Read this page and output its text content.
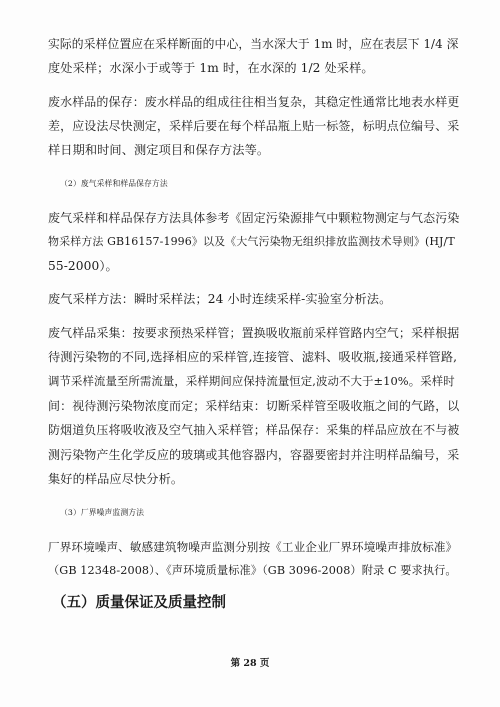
实际的采样位置应在采样断面的中心，当水深大于 1m 时，应在表层下 1/4 深
度处采样；水深小于或等于 1m 时，在水深的 1/2 处采样。
废水样品的保存：废水样品的组成往往相当复杂，其稳定性通常比地表水样更
差，应设法尽快测定，采样后要在每个样品瓶上贴一标签，标明点位编号、采
样日期和时间、测定项目和保存方法等。
（2）废气采样和样品保存方法
废气采样和样品保存方法具体参考《固定污染源排气中颗粒物测定与气态污染
物采样方法 GB16157-1996》以及《大气污染物无组织排放监测技术导则》(HJ/T
55-2000）。
废气采样方法：瞬时采样法；24 小时连续采样-实验室分析法。
废气样品采集：按要求预热采样管；置换吸收瓶前采样管路内空气；采样根据
待测污染物的不同,选择相应的采样管,连接管、滤料、吸收瓶,接通采样管路,
调节采样流量至所需流量，采样期间应保持流量恒定,波动不大于±10%。采样时
间：视待测污染物浓度而定；采样结束：切断采样管至吸收瓶之间的气路，以
防烟道负压将吸收液及空气抽入采样管；样品保存：采集的样品应放在不与被
测污染物产生化学反应的玻璃或其他容器内，容器要密封并注明样品编号，采
集好的样品应尽快分析。
（3）厂界噪声监测方法
厂界环境噪声、敏感建筑物噪声监测分别按《工业企业厂界环境噪声排放标准》
（GB 12348-2008）、《声环境质量标准》（GB 3096-2008）附录 C 要求执行。
（五）质量保证及质量控制
第 28 页
